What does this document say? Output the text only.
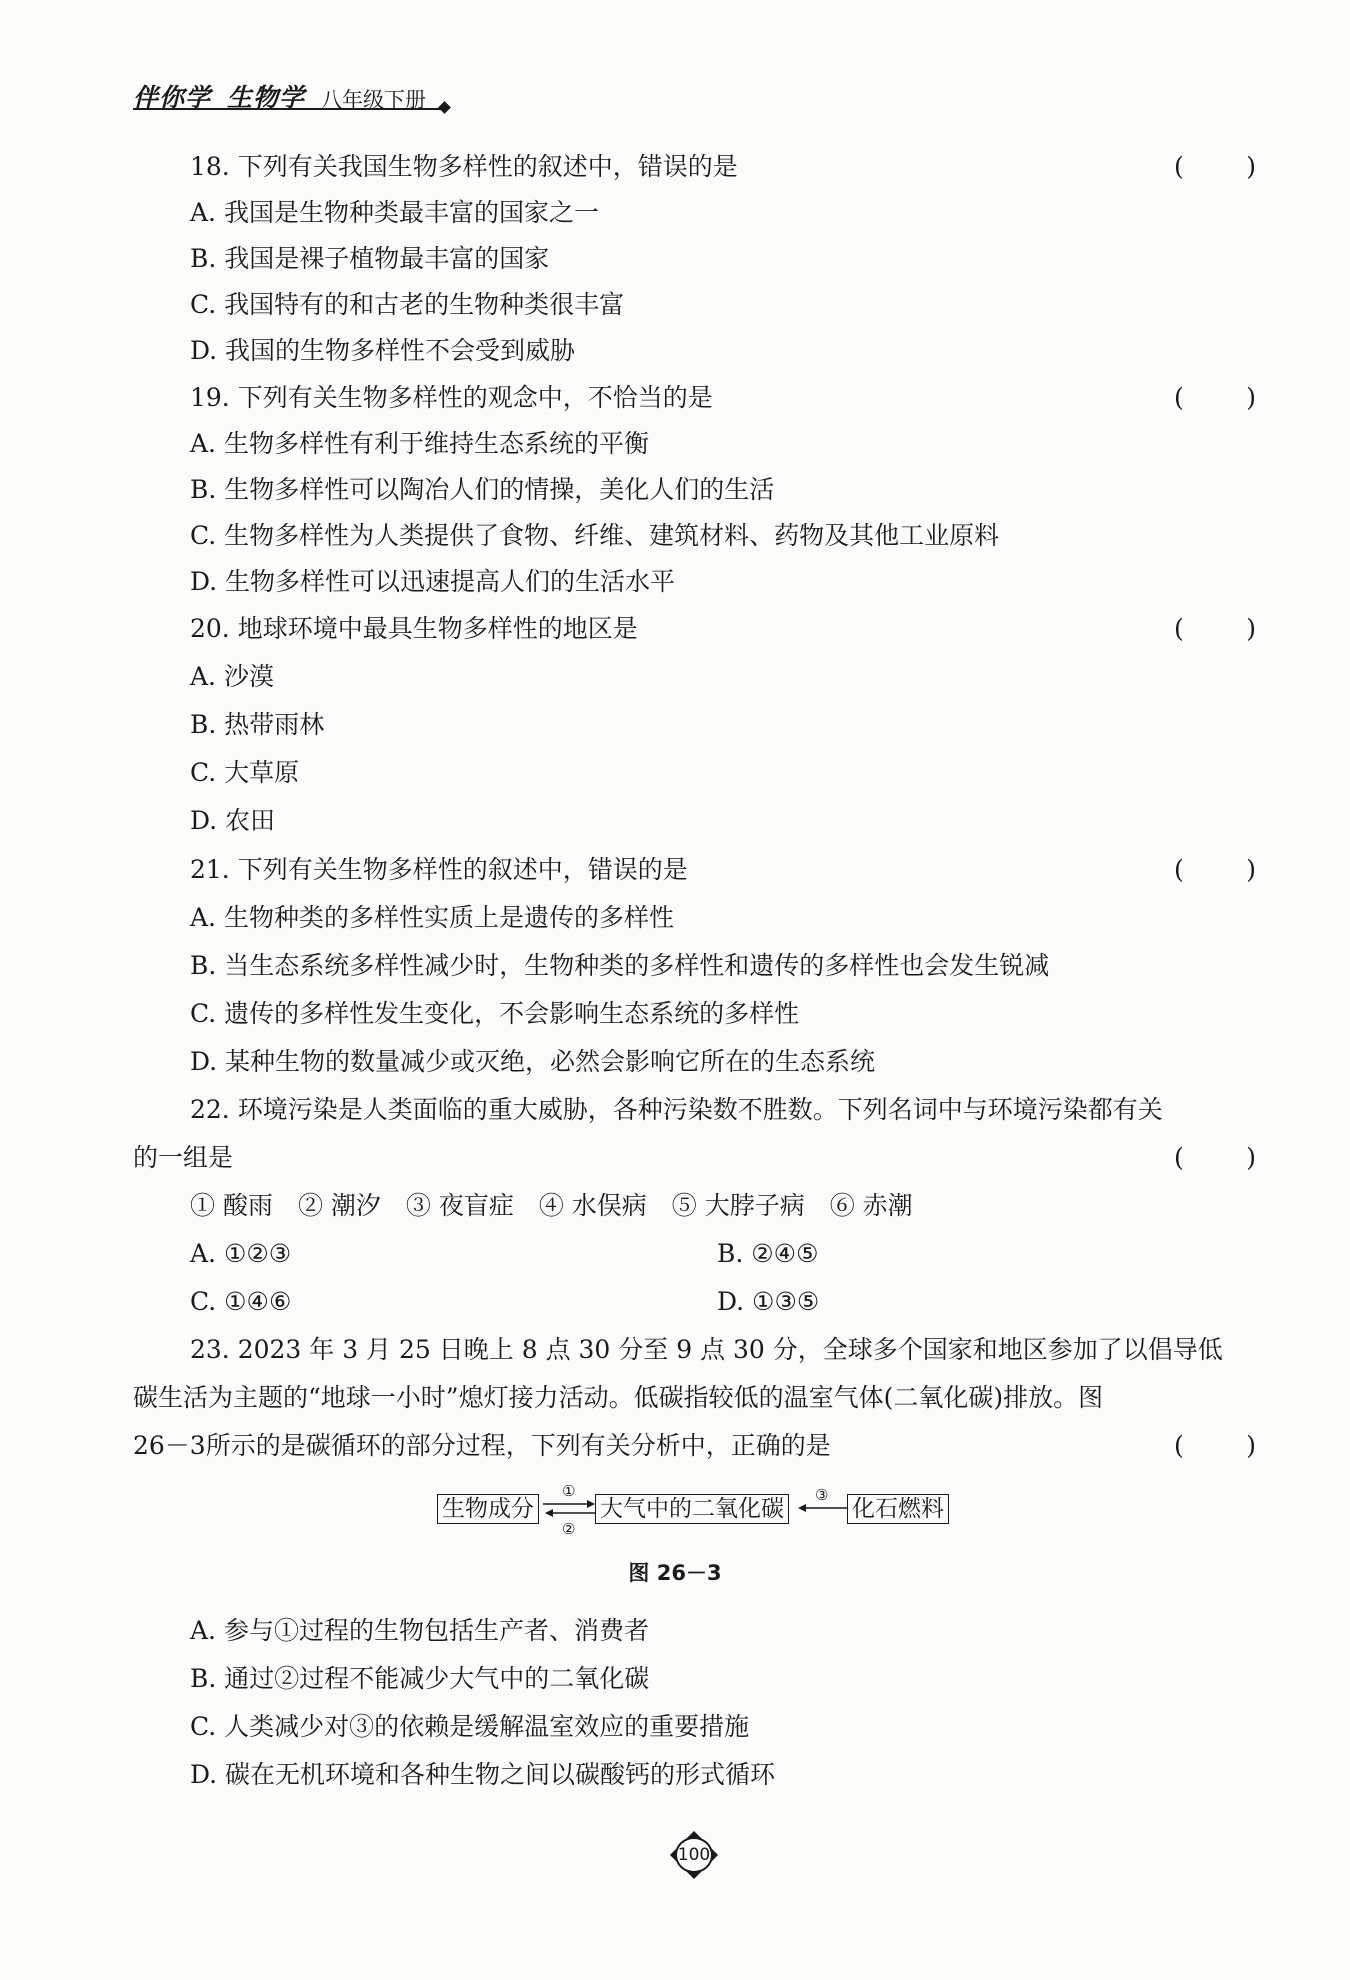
伴你学 生物学 八年级下册
18. 下列有关我国生物多样性的叙述中，错误的是	( )
A. 我国是生物种类最丰富的国家之一
B. 我国是裸子植物最丰富的国家
C. 我国特有的和古老的生物种类很丰富
D. 我国的生物多样性不会受到威胁
19. 下列有关生物多样性的观念中，不恰当的是	( )
A. 生物多样性有利于维持生态系统的平衡
B. 生物多样性可以陶冶人们的情操，美化人们的生活
C. 生物多样性为人类提供了食物、纤维、建筑材料、药物及其他工业原料
D. 生物多样性可以迅速提高人们的生活水平
20. 地球环境中最具生物多样性的地区是	( )
A. 沙漠
B. 热带雨林
C. 大草原
D. 农田
21. 下列有关生物多样性的叙述中，错误的是	( )
A. 生物种类的多样性实质上是遗传的多样性
B. 当生态系统多样性减少时，生物种类的多样性和遗传的多样性也会发生锐减
C. 遗传的多样性发生变化，不会影响生态系统的多样性
D. 某种生物的数量减少或灭绝，必然会影响它所在的生态系统
22. 环境污染是人类面临的重大威胁，各种污染数不胜数。下列名词中与环境污染都有关
的一组是	( )
① 酸雨　② 潮汐　③ 夜盲症　④ 水俣病　⑤ 大脖子病　⑥ 赤潮
A. ①②③	B. ②④⑤
C. ①④⑥	D. ①③⑤
23. 2023 年 3 月 25 日晚上 8 点 30 分至 9 点 30 分，全球多个国家和地区参加了以倡导低
碳生活为主题的“地球一小时”熄灯接力活动。低碳指较低的温室气体(二氧化碳)排放。图
26－3所示的是碳循环的部分过程，下列有关分析中，正确的是	( )
生物成分	大气中的二氧化碳	化石燃料
①
②
③
图 26－3
A. 参与①过程的生物包括生产者、消费者
B. 通过②过程不能减少大气中的二氧化碳
C. 人类减少对③的依赖是缓解温室效应的重要措施
D. 碳在无机环境和各种生物之间以碳酸钙的形式循环
100
